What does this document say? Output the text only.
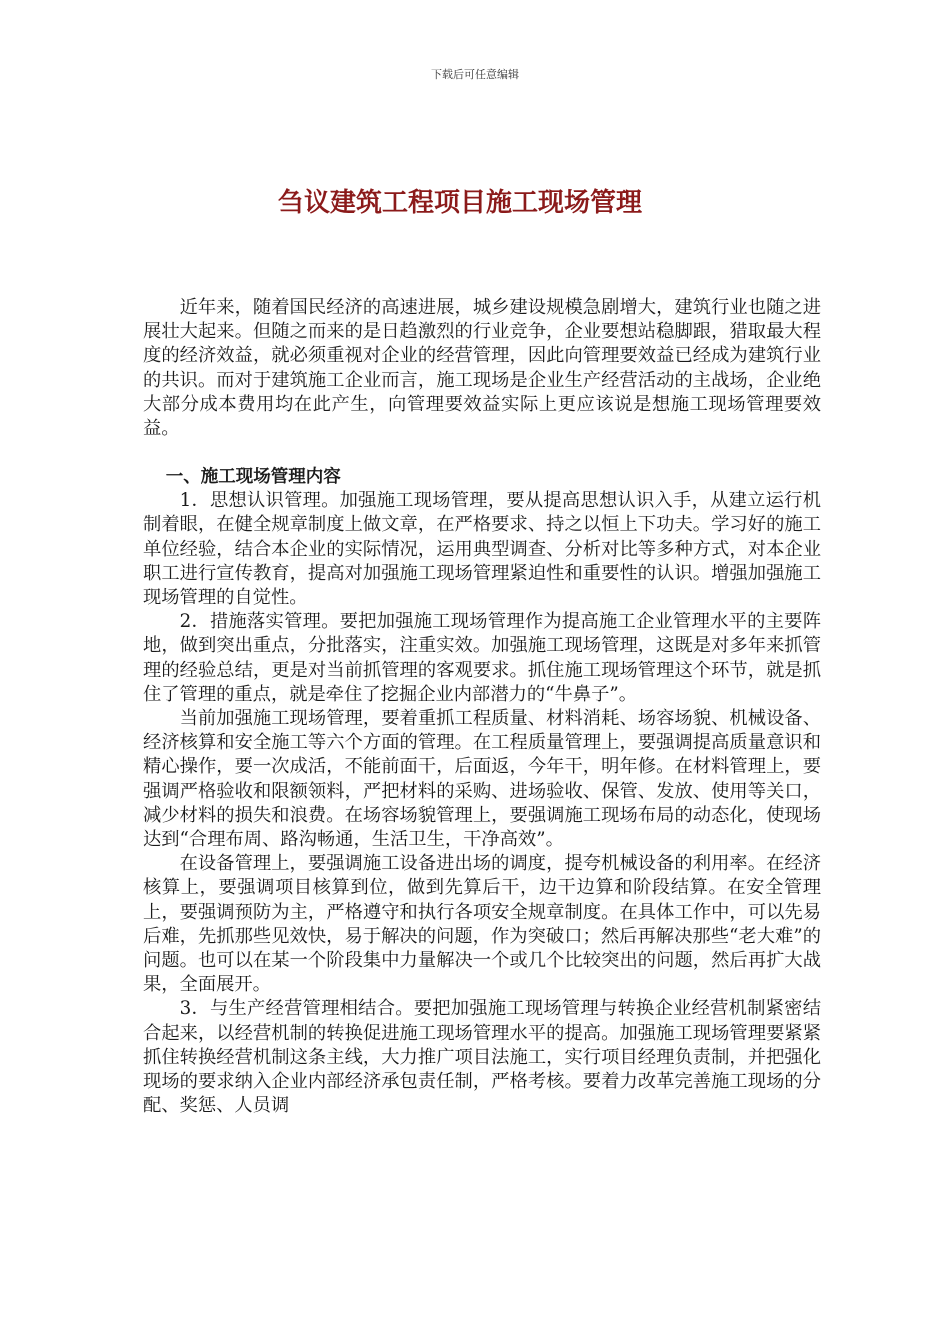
下载后可任意编辑
刍议建筑工程项目施工现场管理

近年来，随着国民经济的高速进展，城乡建设规模急剧增大，建筑行业也随之进展壮大起来。但随之而来的是日趋激烈的行业竞争，企业要想站稳脚跟，猎取最大程度的经济效益，就必须重视对企业的经营管理，因此向管理要效益已经成为建筑行业的共识。而对于建筑施工企业而言，施工现场是企业生产经营活动的主战场，企业绝大部分成本费用均在此产生，向管理要效益实际上更应该说是想施工现场管理要效益。

一、施工现场管理内容

1．思想认识管理。加强施工现场管理，要从提高思想认识入手，从建立运行机制着眼，在健全规章制度上做文章，在严格要求、持之以恒上下功夫。学习好的施工单位经验，结合本企业的实际情况，运用典型调查、分析对比等多种方式，对本企业职工进行宣传教育，提高对加强施工现场管理紧迫性和重要性的认识。增强加强施工现场管理的自觉性。

2．措施落实管理。要把加强施工现场管理作为提高施工企业管理水平的主要阵地，做到突出重点，分批落实，注重实效。加强施工现场管理，这既是对多年来抓管理的经验总结，更是对当前抓管理的客观要求。抓住施工现场管理这个环节，就是抓住了管理的重点，就是牵住了挖掘企业内部潜力的“牛鼻子”。

当前加强施工现场管理，要着重抓工程质量、材料消耗、场容场貌、机械设备、经济核算和安全施工等六个方面的管理。在工程质量管理上，要强调提高质量意识和精心操作，要一次成活，不能前面干，后面返，今年干，明年修。在材料管理上，要强调严格验收和限额领料，严把材料的采购、进场验收、保管、发放、使用等关口，减少材料的损失和浪费。在场容场貌管理上，要强调施工现场布局的动态化，使现场达到“合理布周、路沟畅通，生活卫生，干净高效”。

在设备管理上，要强调施工设备进出场的调度，提夸机械设备的利用率。在经济核算上，要强调项目核算到位，做到先算后干，边干边算和阶段结算。在安全管理上，要强调预防为主，严格遵守和执行各项安全规章制度。在具体工作中，可以先易后难，先抓那些见效快，易于解决的问题，作为突破口；然后再解决那些“老大难”的问题。也可以在某一个阶段集中力量解决一个或几个比较突出的问题，然后再扩大战果，全面展开。

3．与生产经营管理相结合。要把加强施工现场管理与转换企业经营机制紧密结合起来，以经营机制的转换促进施工现场管理水平的提高。加强施工现场管理要紧紧抓住转换经营机制这条主线，大力推广项目法施工，实行项目经理负责制，并把强化现场的要求纳入企业内部经济承包责任制，严格考核。要着力改革完善施工现场的分配、奖惩、人员调
